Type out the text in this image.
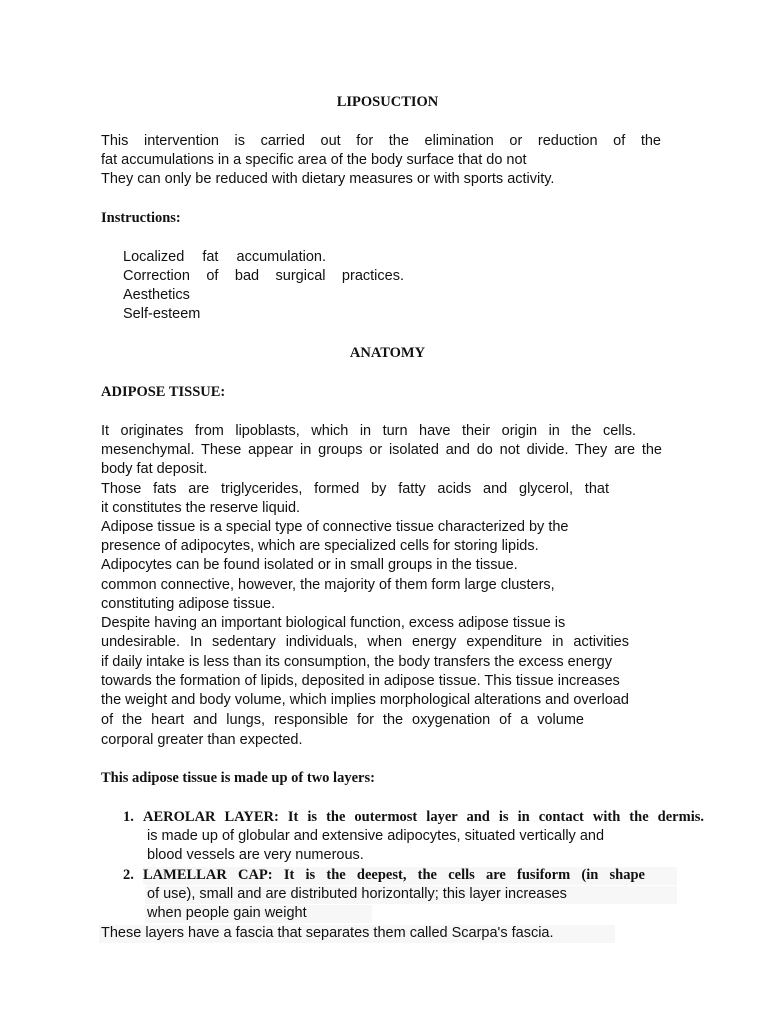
LIPOSUCTION
This intervention is carried out for the elimination or reduction of the
fat accumulations in a specific area of the body surface that do not
They can only be reduced with dietary measures or with sports activity.
Instructions:
Localized fat accumulation.
Correction of bad surgical practices.
Aesthetics
Self-esteem
ANATOMY
ADIPOSE TISSUE:
It originates from lipoblasts, which in turn have their origin in the cells.
mesenchymal. These appear in groups or isolated and do not divide. They are the
body fat deposit.
Those fats are triglycerides, formed by fatty acids and glycerol, that
it constitutes the reserve liquid.
Adipose tissue is a special type of connective tissue characterized by the
presence of adipocytes, which are specialized cells for storing lipids.
Adipocytes can be found isolated or in small groups in the tissue.
common connective, however, the majority of them form large clusters,
constituting adipose tissue.
Despite having an important biological function, excess adipose tissue is
undesirable. In sedentary individuals, when energy expenditure in activities
if daily intake is less than its consumption, the body transfers the excess energy
towards the formation of lipids, deposited in adipose tissue. This tissue increases
the weight and body volume, which implies morphological alterations and overload
of the heart and lungs, responsible for the oxygenation of a volume
corporal greater than expected.
This adipose tissue is made up of two layers:
1. AEROLAR LAYER: It is the outermost layer and is in contact with the dermis.
is made up of globular and extensive adipocytes, situated vertically and
blood vessels are very numerous.
2. LAMELLAR CAP: It is the deepest, the cells are fusiform (in shape
of use), small and are distributed horizontally; this layer increases
when people gain weight
These layers have a fascia that separates them called Scarpa's fascia.
